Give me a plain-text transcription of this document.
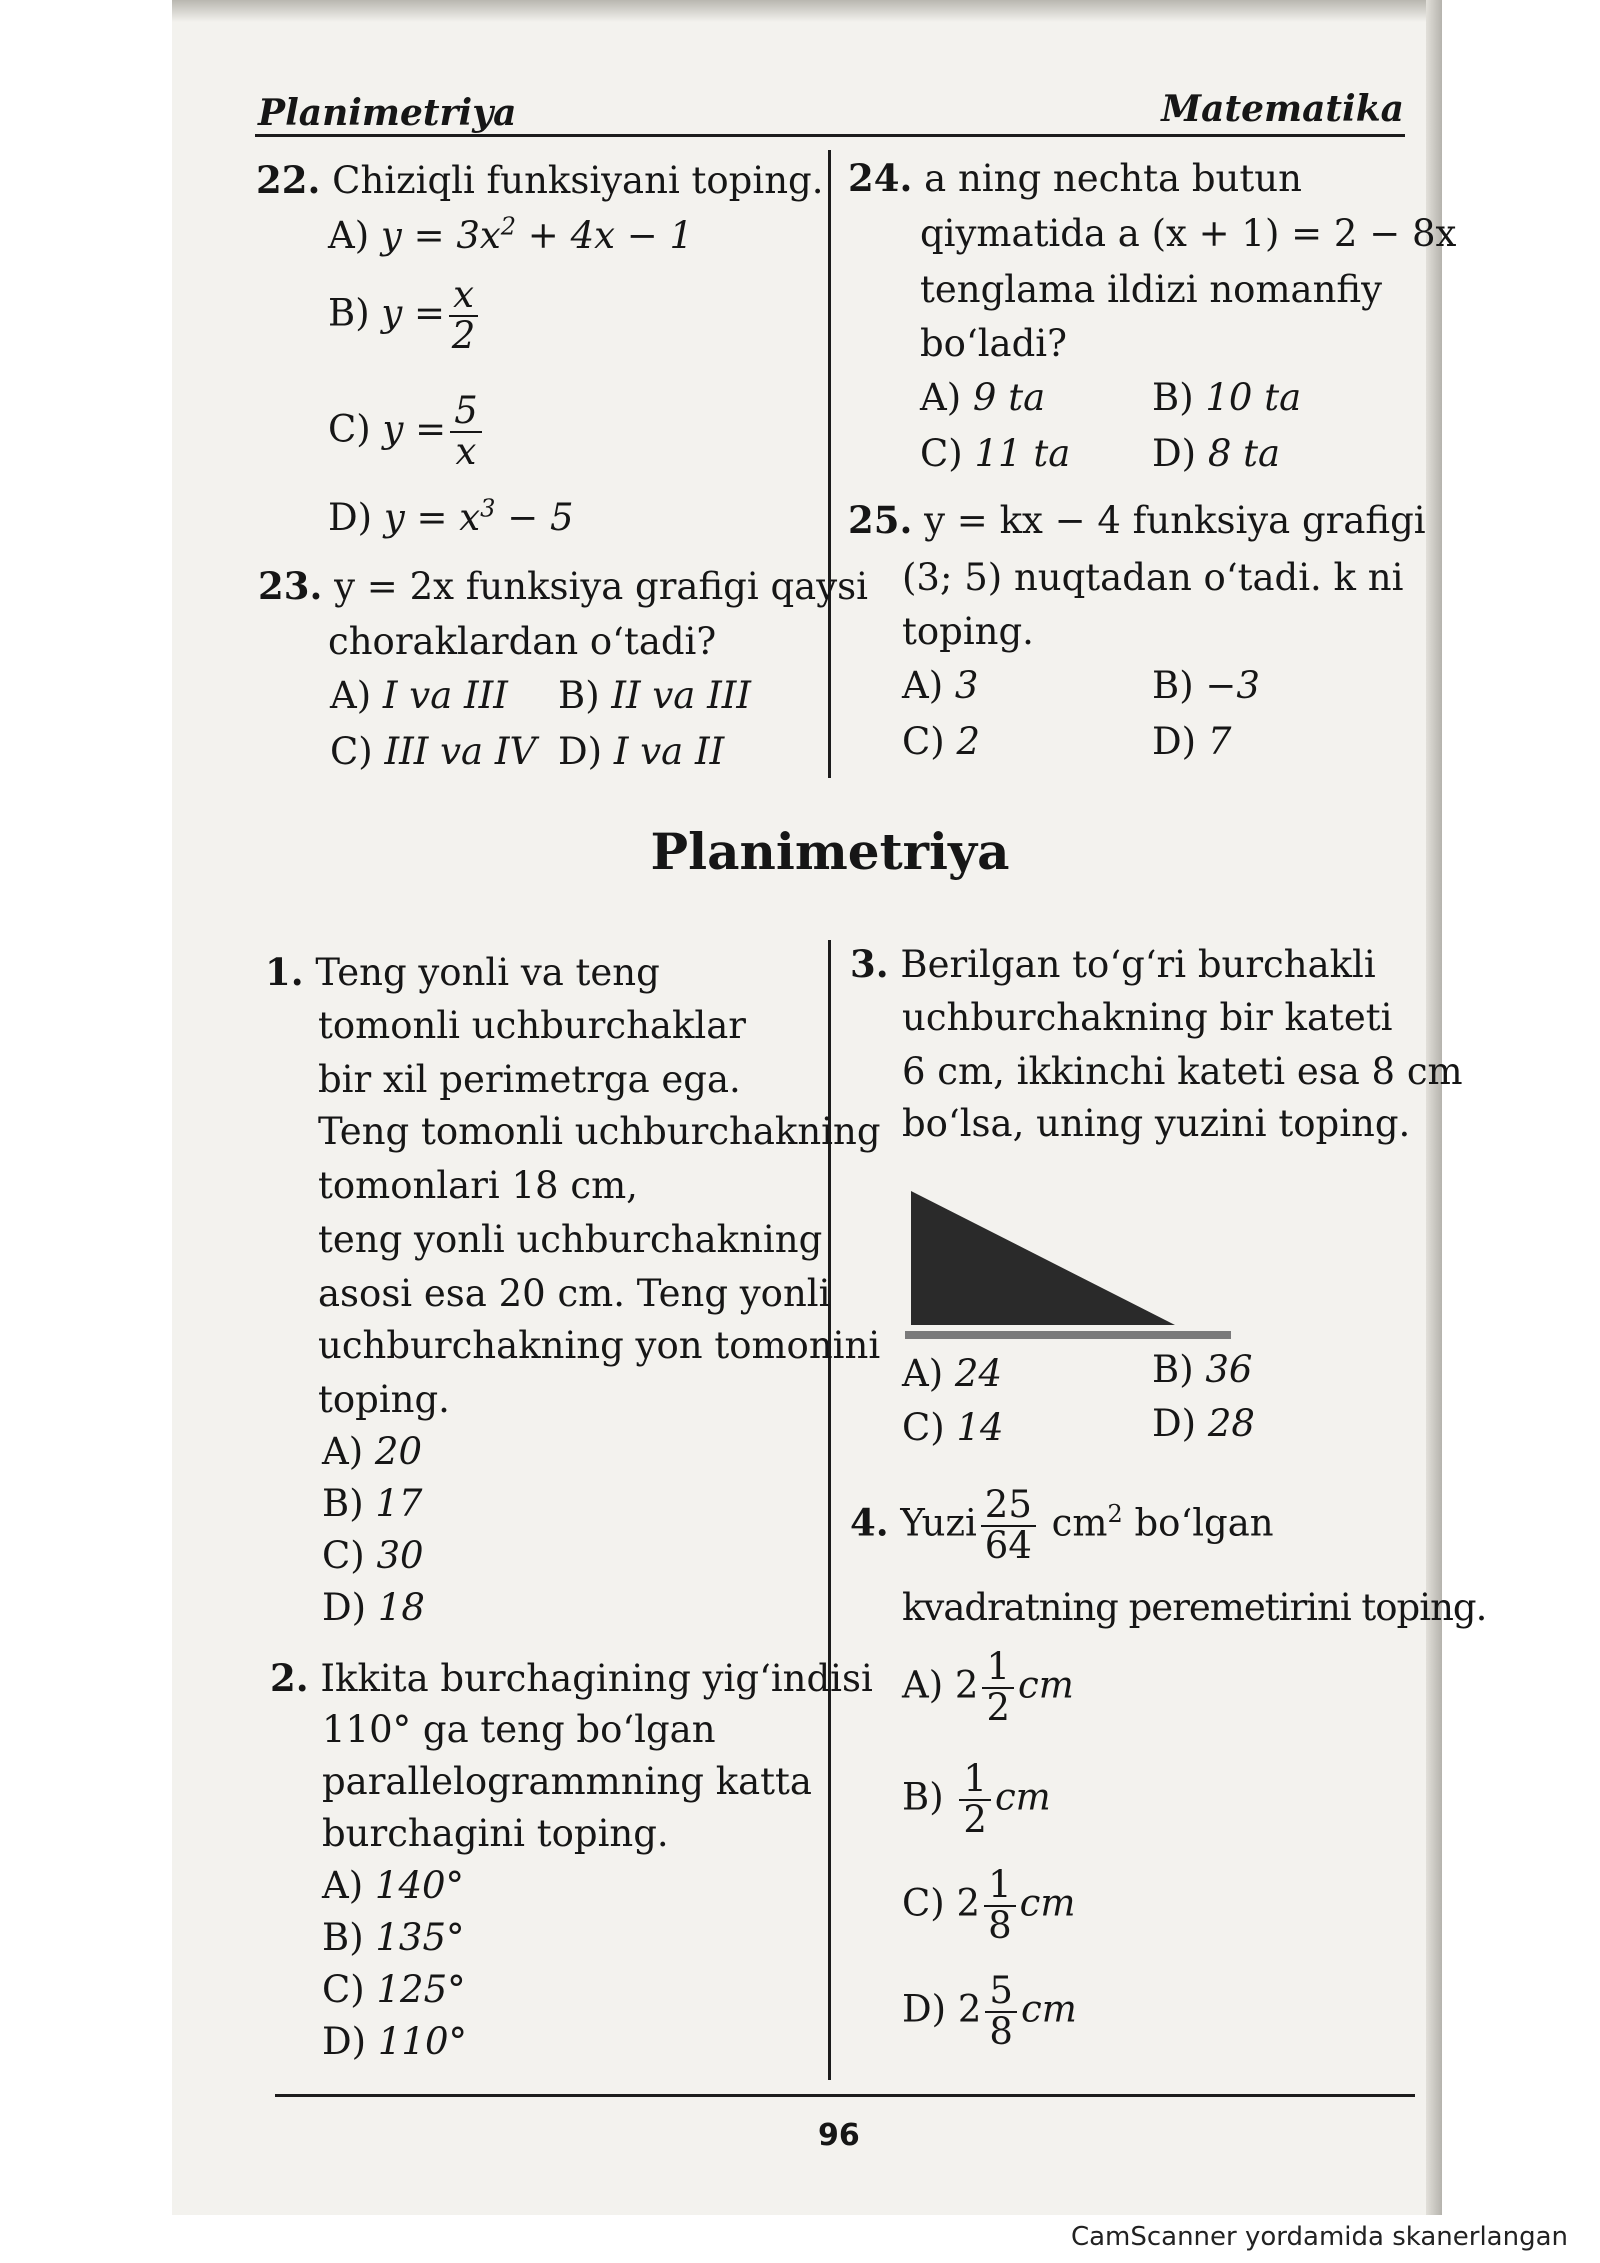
Planimetriya	Matematika
22. Chiziqli funksiyani toping.
A) $y = 3x^2 + 4x - 1$
B) $y = \frac{x}{2}$
C) $y = \frac{5}{x}$
D) $y = x^3 - 5$
23. y = 2x funksiya grafigi qaysi
choraklardan o‘tadi?
A) I va III B) II va III
C) III va IV D) I va II
24. a ning nechta butun
qiymatida a (x + 1) = 2 − 8x
tenglama ildizi nomanfiy
bo‘ladi?
A) 9 ta	B) 10 ta
C) 11 ta D) 8 ta
25. y = kx − 4 funksiya grafigi
(3; 5) nuqtadan o‘tadi. k ni
toping.
A) 3	B) −3
C) 2	D) 7
Planimetriya
1. Teng yonli va teng
tomonli uchburchaklar
bir xil perimetrga ega.
Teng tomonli uchburchakning
tomonlari 18 cm,
teng yonli uchburchakning
asosi esa 20 cm. Teng yonli
uchburchakning yon tomonini
toping.
A) 20
B) 17
C) 30
D) 18
2. Ikkita burchagining yig‘indisi
110° ga teng bo‘lgan
parallelogrammning katta
burchagini toping.
A) 140°
B) 135°
C) 125°
D) 110°
3. Berilgan to‘g‘ri burchakli
uchburchakning bir kateti
6 cm, ikkinchi kateti esa 8 cm
bo‘lsa, uning yuzini toping.
A) 24	B) 36
C) 14	D) 28
4. Yuzi $\frac{25}{64} cm^2$ bo‘lgan
kvadratning peremetirini toping.
A) $2 \frac{1}{2}$ cm
$B) \frac{1}{2}$ cm
C) $2 \frac{1}{8}$ cm
D) $2 \frac{5}{8}$ cm
96
CamScanner yordamida skanerlangan
